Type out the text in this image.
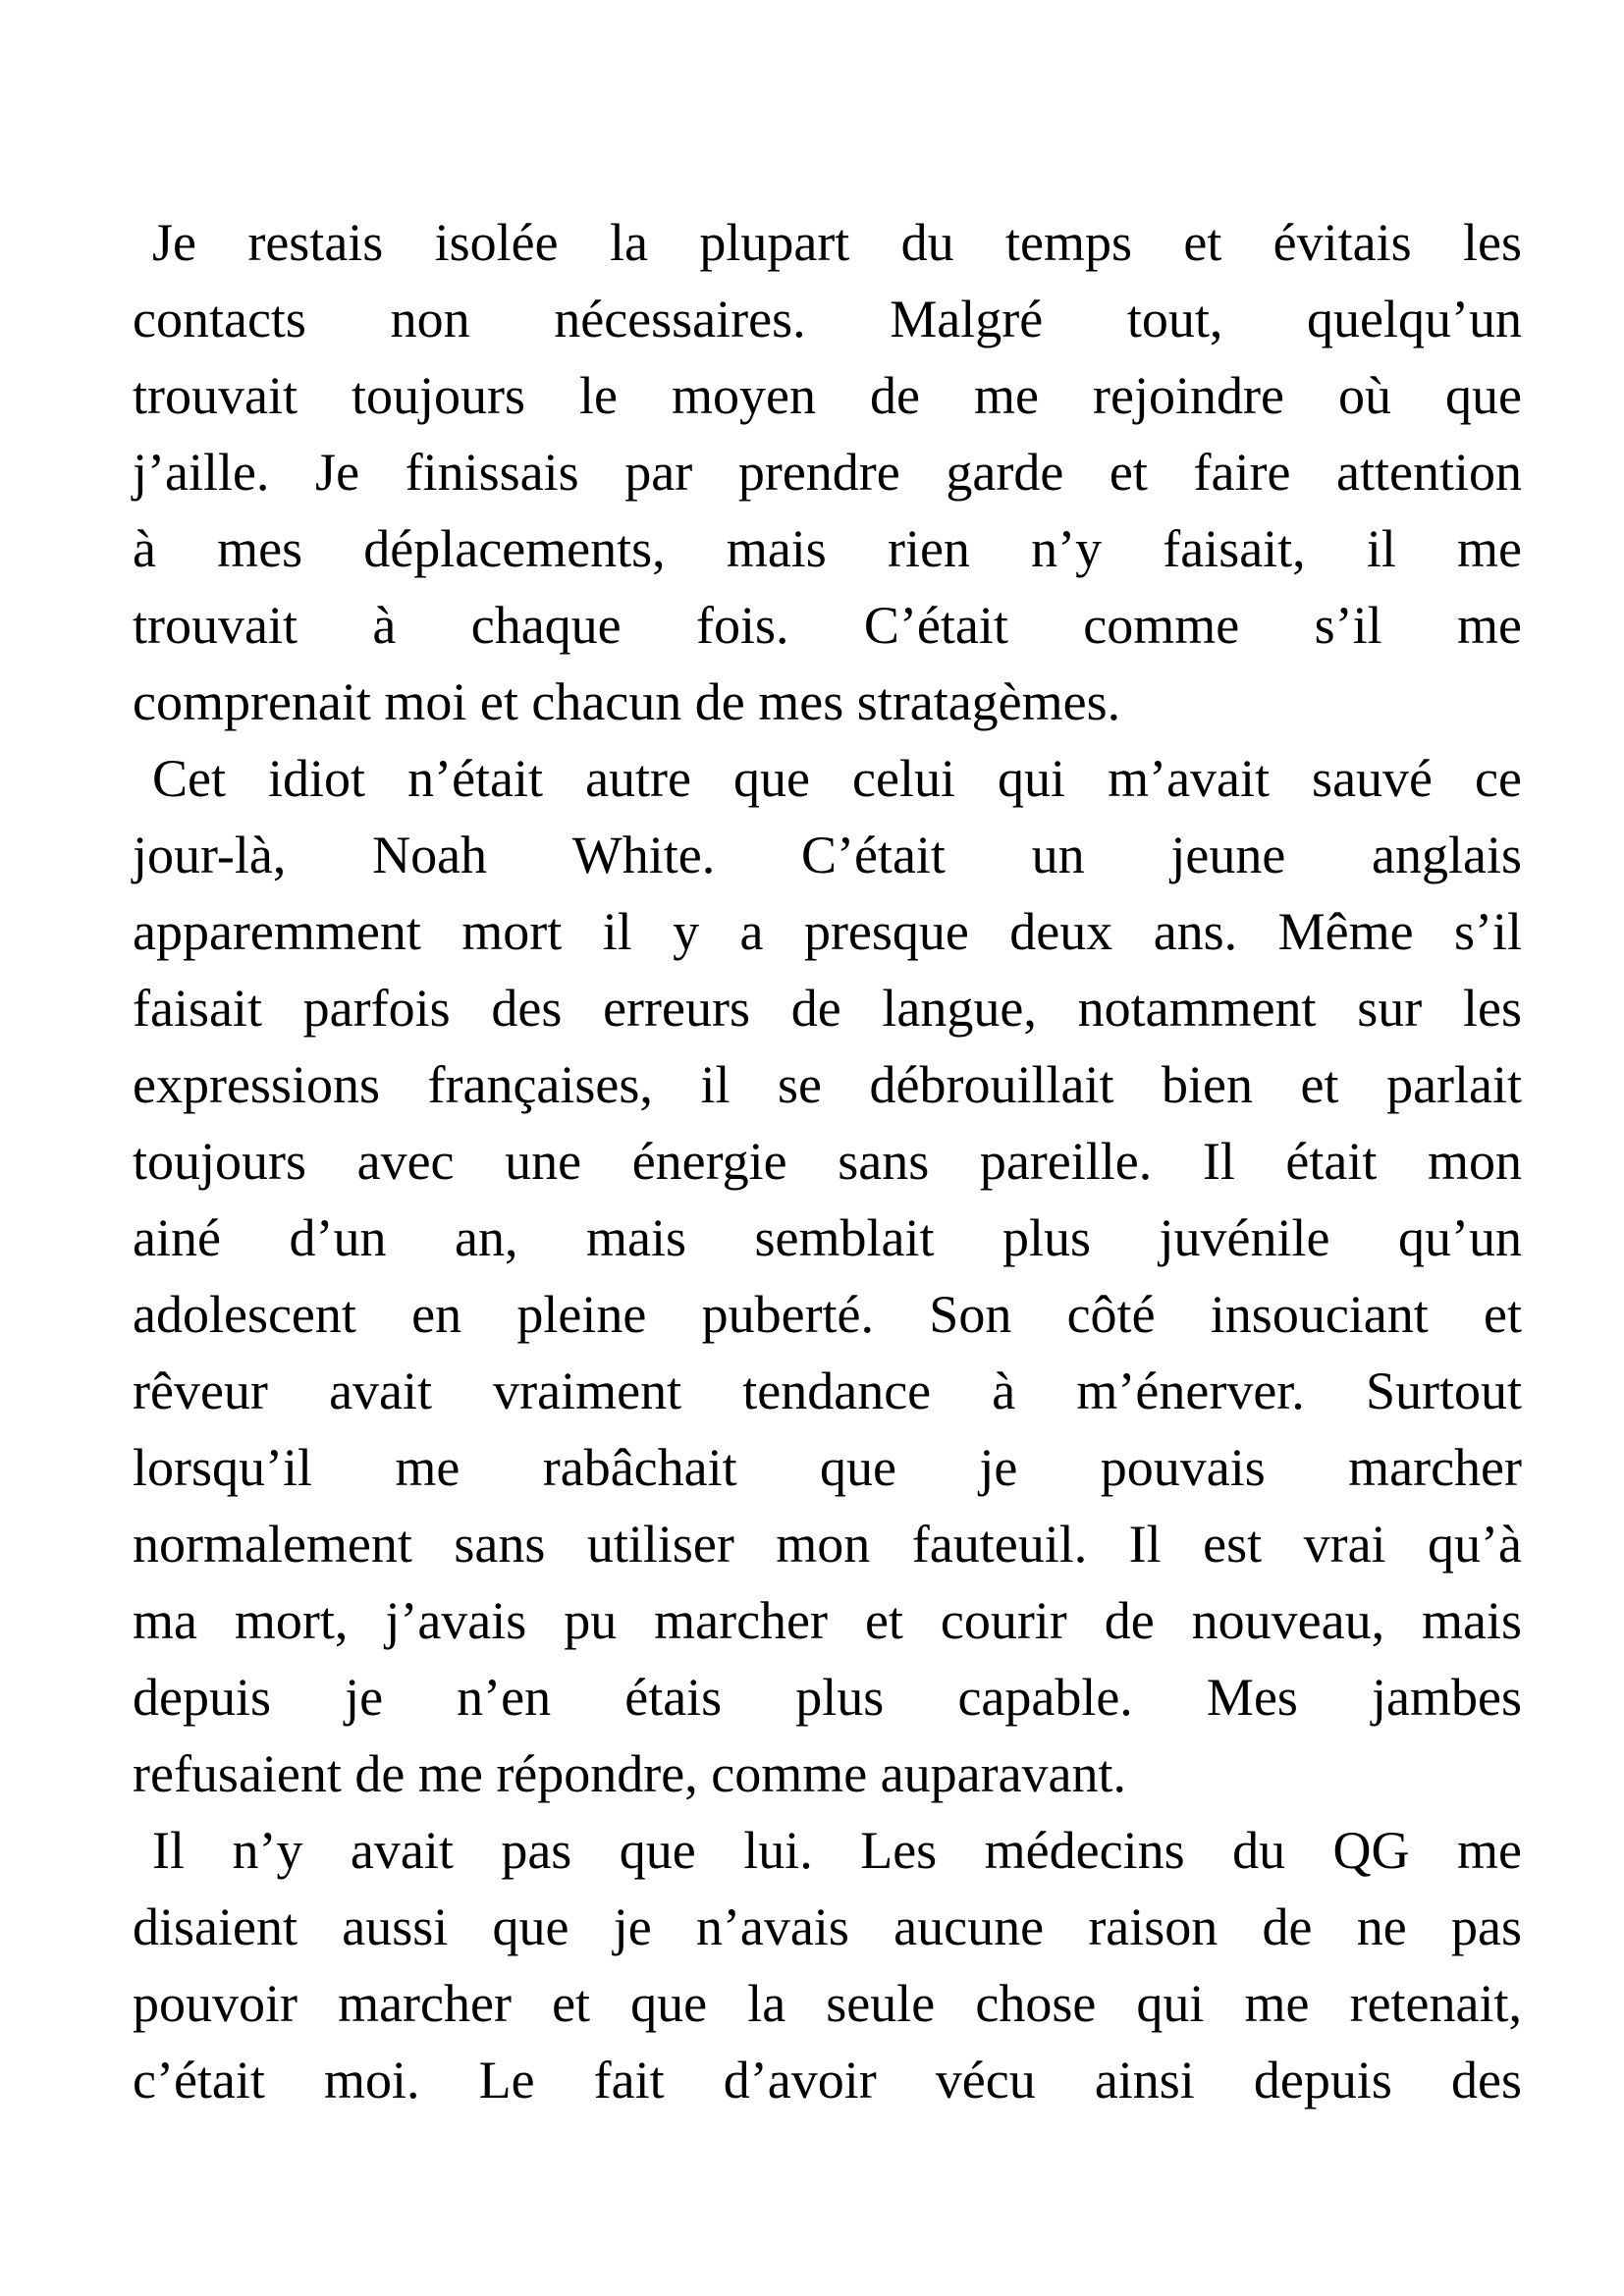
Je restais isolée la plupart du temps et évitais les
contacts non nécessaires. Malgré tout, quelqu’un
trouvait toujours le moyen de me rejoindre où que
j’aille. Je finissais par prendre garde et faire attention
à mes déplacements, mais rien n’y faisait, il me
trouvait à chaque fois. C’était comme s’il me
comprenait moi et chacun de mes stratagèmes.
Cet idiot n’était autre que celui qui m’avait sauvé ce
jour-là, Noah White. C’était un jeune anglais
apparemment mort il y a presque deux ans. Même s’il
faisait parfois des erreurs de langue, notamment sur les
expressions françaises, il se débrouillait bien et parlait
toujours avec une énergie sans pareille. Il était mon
ainé d’un an, mais semblait plus juvénile qu’un
adolescent en pleine puberté. Son côté insouciant et
rêveur avait vraiment tendance à m’énerver. Surtout
lorsqu’il me rabâchait que je pouvais marcher
normalement sans utiliser mon fauteuil. Il est vrai qu’à
ma mort, j’avais pu marcher et courir de nouveau, mais
depuis je n’en étais plus capable. Mes jambes
refusaient de me répondre, comme auparavant.
Il n’y avait pas que lui. Les médecins du QG me
disaient aussi que je n’avais aucune raison de ne pas
pouvoir marcher et que la seule chose qui me retenait,
c’était moi. Le fait d’avoir vécu ainsi depuis des
